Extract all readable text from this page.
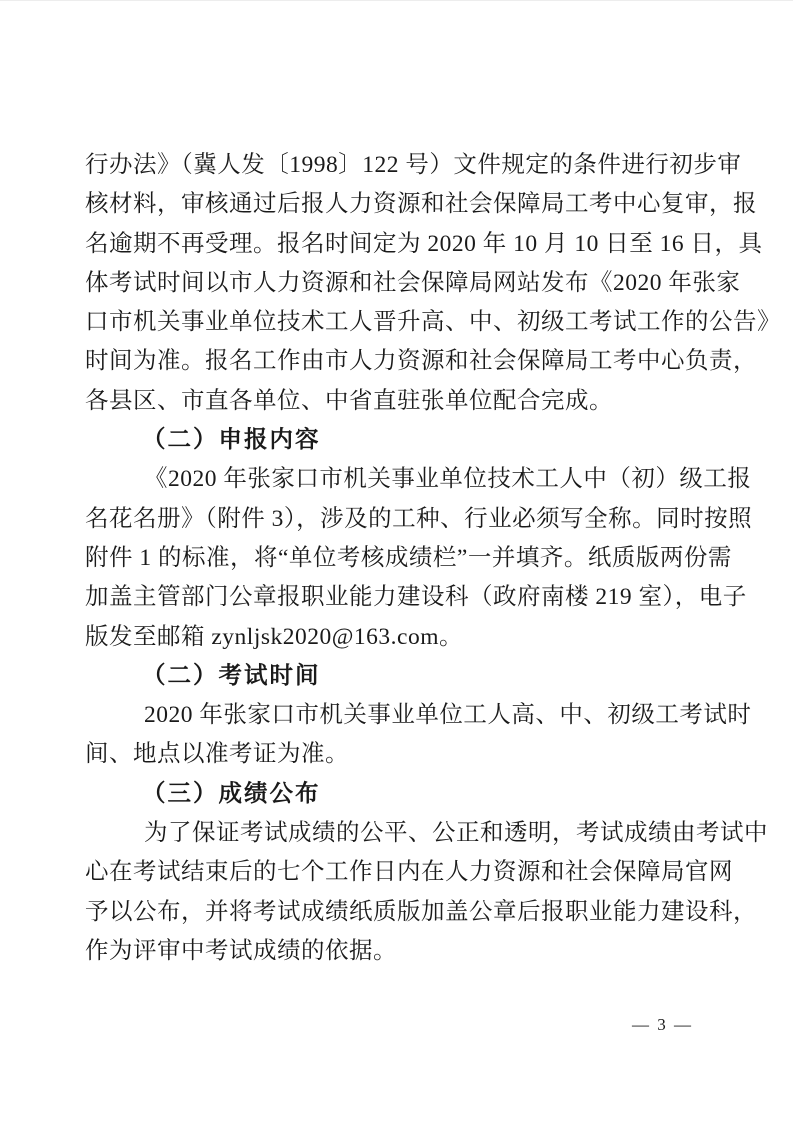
行办法》（冀人发〔1998〕122 号）文件规定的条件进行初步审
核材料，审核通过后报人力资源和社会保障局工考中心复审，报
名逾期不再受理。报名时间定为 2020 年 10 月 10 日至 16 日，具
体考试时间以市人力资源和社会保障局网站发布《2020 年张家
口市机关事业单位技术工人晋升高、中、初级工考试工作的公告》
时间为准。报名工作由市人力资源和社会保障局工考中心负责，
各县区、市直各单位、中省直驻张单位配合完成。
（二）申报内容
《2020 年张家口市机关事业单位技术工人中（初）级工报
名花名册》（附件 3），涉及的工种、行业必须写全称。同时按照
附件 1 的标准，将“单位考核成绩栏”一并填齐。纸质版两份需
加盖主管部门公章报职业能力建设科（政府南楼 219 室），电子
版发至邮箱 zynljsk2020@163.com。
（二）考试时间
2020 年张家口市机关事业单位工人高、中、初级工考试时
间、地点以准考证为准。
（三）成绩公布
为了保证考试成绩的公平、公正和透明，考试成绩由考试中
心在考试结束后的七个工作日内在人力资源和社会保障局官网
予以公布，并将考试成绩纸质版加盖公章后报职业能力建设科，
作为评审中考试成绩的依据。
— 3 —
